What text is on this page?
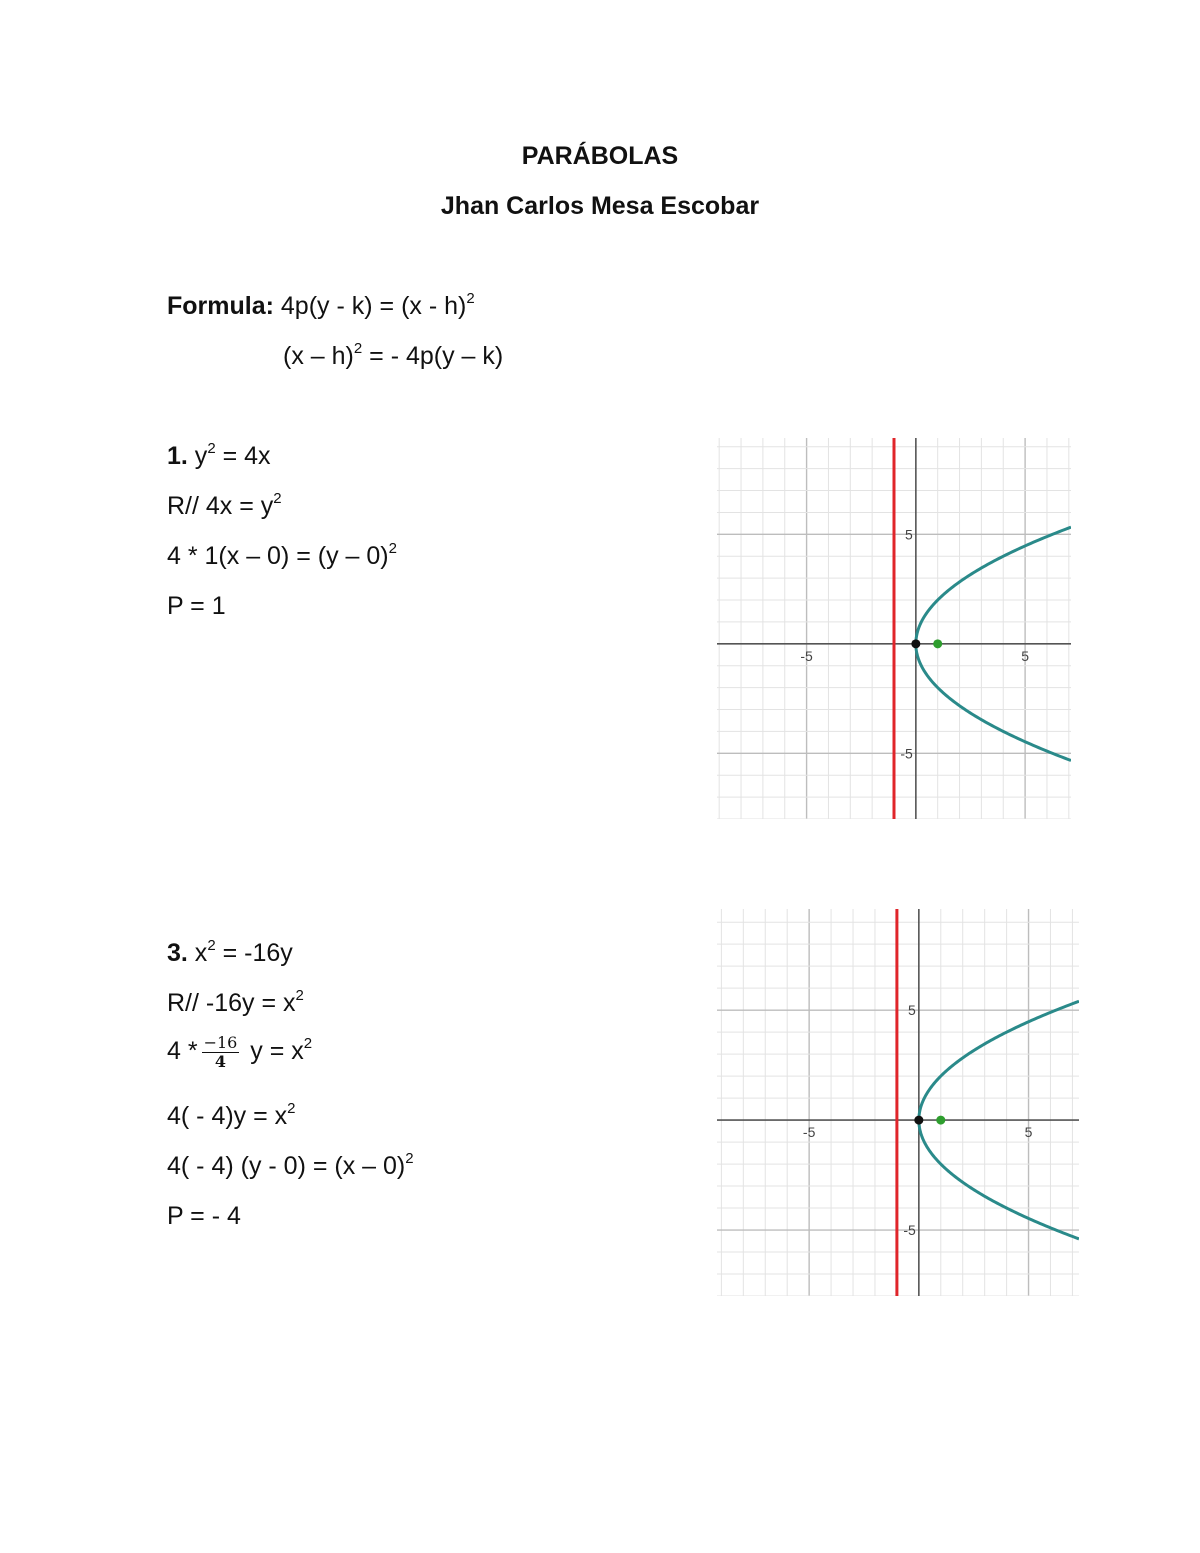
PARÁBOLAS
Jhan Carlos Mesa Escobar
Formula: 4p(y - k) = (x - h)$^2$
(x – h)$^2$ = - 4p(y – k)
1. $y^2 = 4x$
R// $4x = y^2$
4 * 1(x – 0) = (y – 0)$^2$
P = 1
3. $x^2 = -16y$
R// $-16y = x^2$
$4 * \frac{-16}{4}$ $y = x^2$
$4( - 4)y = x^2$
4( - 4) (y - 0) = (x – 0)$^2$
P = - 4
-5	5
5
-5
-5	5
5
-5
